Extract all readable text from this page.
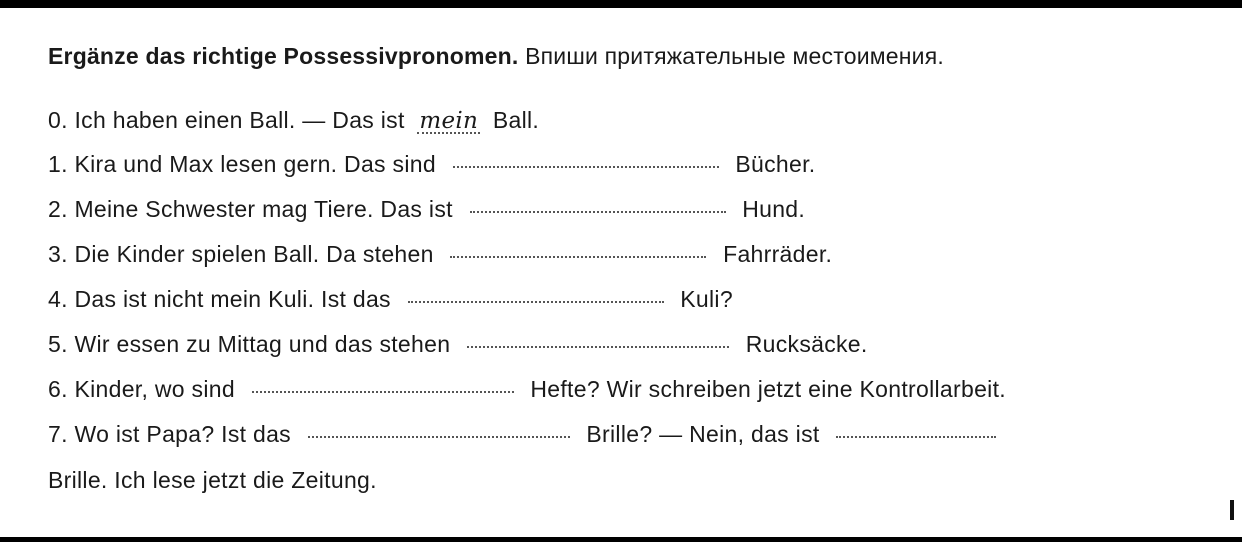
Ergänze das richtige Possessivpronomen. Впиши притяжательные местоимения.
0. Ich haben einen Ball. — Das ist mein Ball.
1. Kira und Max lesen gern. Das sind	Bücher.
2. Meine Schwester mag Tiere. Das ist	Hund.
3. Die Kinder spielen Ball. Da stehen	Fahrräder.
4. Das ist nicht mein Kuli. Ist das	Kuli?
5. Wir essen zu Mittag und das stehen	Rucksäcke.
6. Kinder, wo sind	Hefte? Wir schreiben jetzt eine Kontrollarbeit.
7. Wo ist Papa? Ist das	Brille? — Nein, das ist
Brille. Ich lese jetzt die Zeitung.
